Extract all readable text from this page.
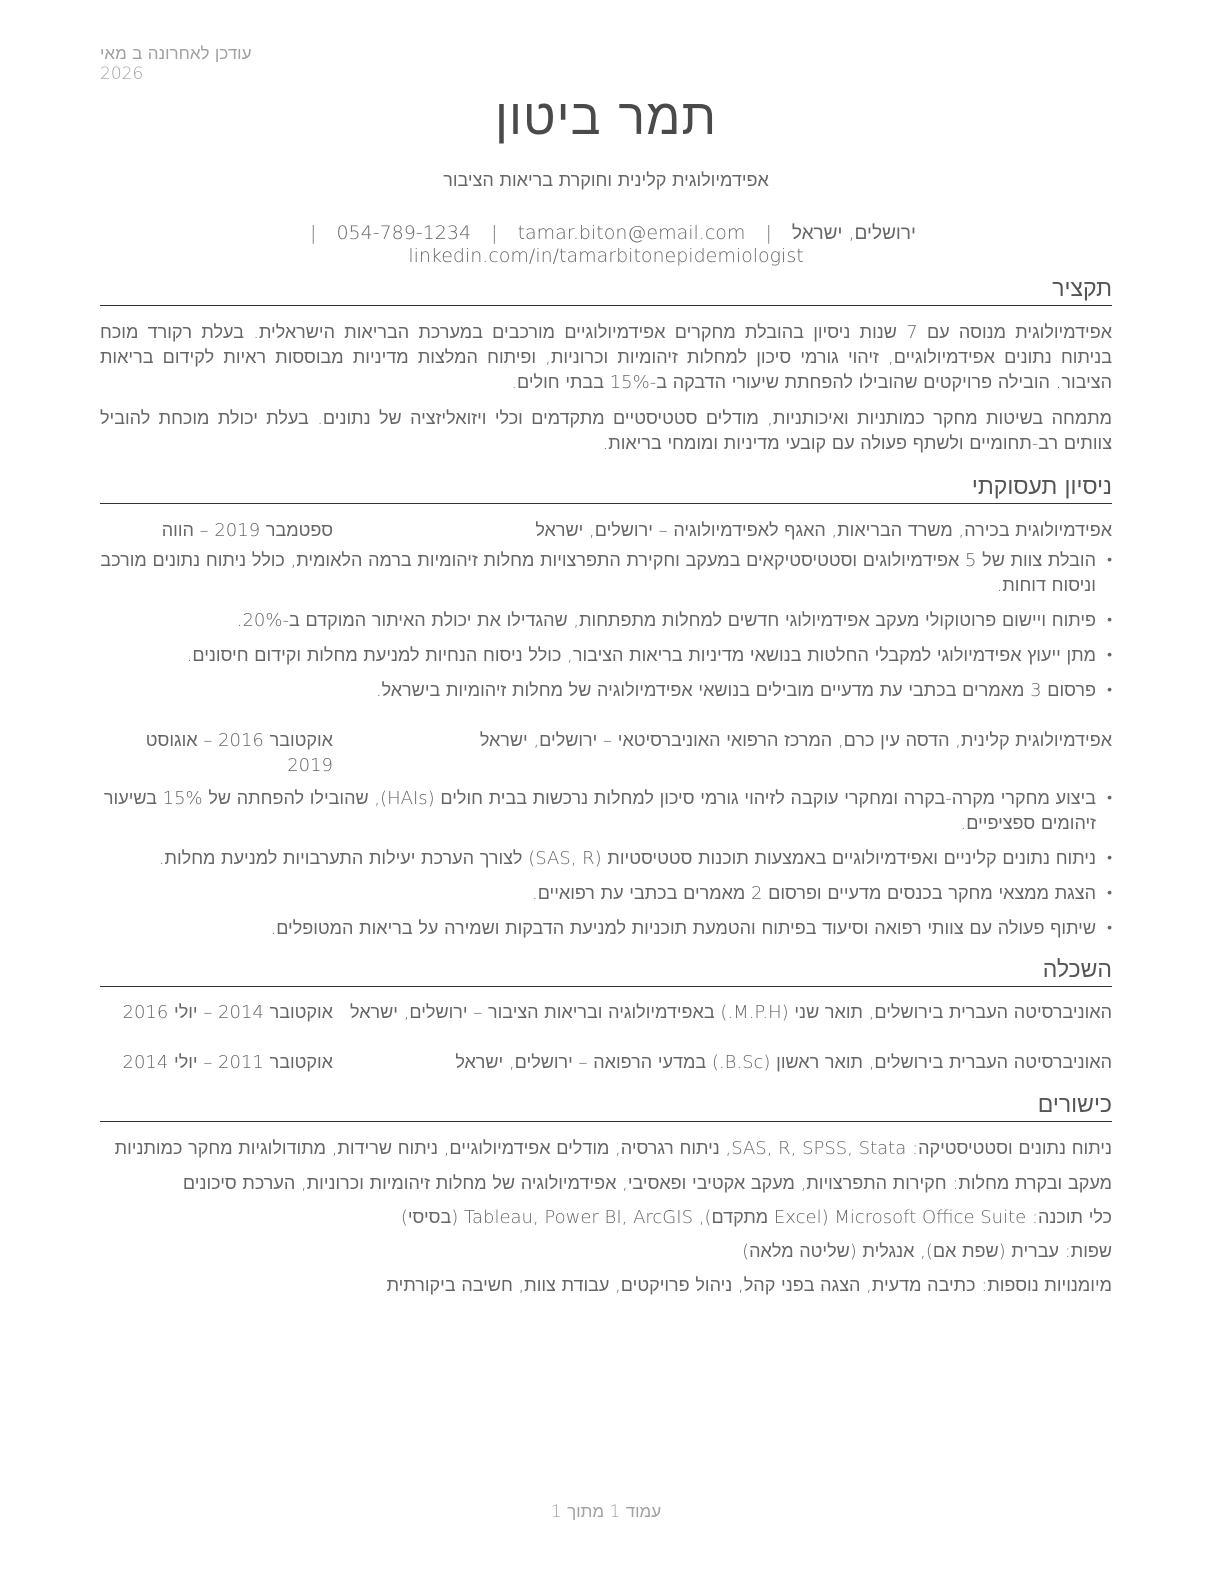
עודכן לאחרונה ב מאי 2026
תמר ביטון
אפידמיולוגית קלינית וחוקרת בריאות הציבור
ירושלים, ישראל | tamar.biton@email.com | 054-789-1234 | linkedin.com/in/tamarbitonepidemiologist
תקציר
אפידמיולוגית מנוסה עם 7 שנות ניסיון בהובלת מחקרים אפידמיולוגיים מורכבים במערכת הבריאות הישראלית. בעלת רקורד מוכח בניתוח נתונים אפידמיולוגיים, זיהוי גורמי סיכון למחלות זיהומיות וכרוניות, ופיתוח המלצות מדיניות מבוססות ראיות לקידום בריאות הציבור. הובילה פרויקטים שהובילו להפחתת שיעורי הדבקה ב-15% בבתי חולים.
מתמחה בשיטות מחקר כמותניות ואיכותניות, מודלים סטטיסטיים מתקדמים וכלי ויזואליזציה של נתונים. בעלת יכולת מוכחת להוביל צוותים רב-תחומיים ולשתף פעולה עם קובעי מדיניות ומומחי בריאות.
ניסיון תעסוקתי
אפידמיולוגית בכירה, משרד הבריאות, האגף לאפידמיולוגיה – ירושלים, ישראל
ספטמבר 2019 – הווה
• הובלת צוות של 5 אפידמיולוגים וסטטיסטיקאים במעקב וחקירת התפרצויות מחלות זיהומיות ברמה הלאומית, כולל ניתוח נתונים מורכב וניסוח דוחות.
• פיתוח ויישום פרוטוקולי מעקב אפידמיולוגי חדשים למחלות מתפתחות, שהגדילו את יכולת האיתור המוקדם ב-20%.
• מתן ייעוץ אפידמיולוגי למקבלי החלטות בנושאי מדיניות בריאות הציבור, כולל ניסוח הנחיות למניעת מחלות וקידום חיסונים.
• פרסום 3 מאמרים בכתבי עת מדעיים מובילים בנושאי אפידמיולוגיה של מחלות זיהומיות בישראל.
אפידמיולוגית קלינית, הדסה עין כרם, המרכז הרפואי האוניברסיטאי – ירושלים, ישראל
אוקטובר 2016 – אוגוסט 2019
• ביצוע מחקרי מקרה-בקרה ומחקרי עוקבה לזיהוי גורמי סיכון למחלות נרכשות בבית חולים (HAIs), שהובילו להפחתה של 15% בשיעור זיהומים ספציפיים.
• ניתוח נתונים קליניים ואפידמיולוגיים באמצעות תוכנות סטטיסטיות (SAS, R) לצורך הערכת יעילות התערבויות למניעת מחלות.
• הצגת ממצאי מחקר בכנסים מדעיים ופרסום 2 מאמרים בכתבי עת רפואיים.
• שיתוף פעולה עם צוותי רפואה וסיעוד בפיתוח והטמעת תוכניות למניעת הדבקות ושמירה על בריאות המטופלים.
השכלה
האוניברסיטה העברית בירושלים, תואר שני (M.P.H.) באפידמיולוגיה ובריאות הציבור – ירושלים, ישראל
אוקטובר 2014 – יולי 2016
האוניברסיטה העברית בירושלים, תואר ראשון (B.Sc.) במדעי הרפואה – ירושלים, ישראל
אוקטובר 2011 – יולי 2014
כישורים
ניתוח נתונים וסטטיסטיקה: SAS, R, SPSS, Stata, ניתוח רגרסיה, מודלים אפידמיולוגיים, ניתוח שרידות, מתודולוגיות מחקר כמותניות
מעקב ובקרת מחלות: חקירות התפרצויות, מעקב אקטיבי ופאסיבי, אפידמיולוגיה של מחלות זיהומיות וכרוניות, הערכת סיכונים
כלי תוכנה: Microsoft Office Suite (Excel מתקדם), Tableau, Power BI, ArcGIS (בסיסי)
שפות: עברית (שפת אם), אנגלית (שליטה מלאה)
מיומנויות נוספות: כתיבה מדעית, הצגה בפני קהל, ניהול פרויקטים, עבודת צוות, חשיבה ביקורתית
עמוד 1 מתוך 1
